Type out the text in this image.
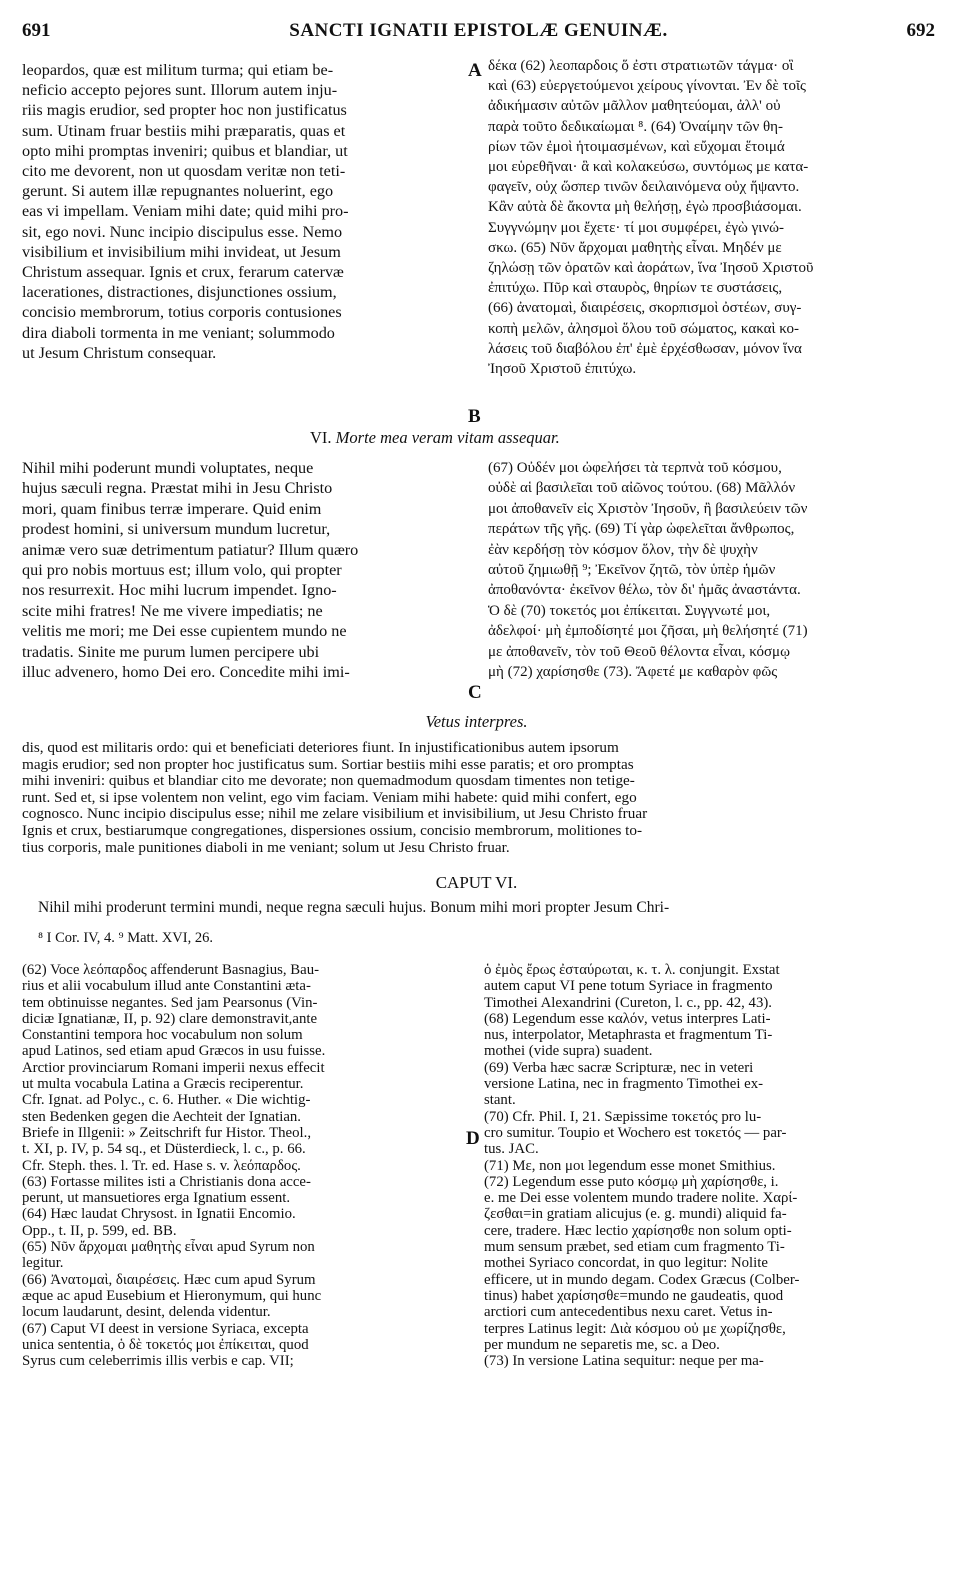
691	SANCTI IGNATII EPISTOLÆ GENUINÆ.	692
leopardos, quæ est militum turma; qui etiam be-
neficio accepto pejores sunt. Illorum autem inju-
riis magis erudior, sed propter hoc non justificatus
sum. Utinam fruar bestiis mihi præparatis, quas et
opto mihi promptas inveniri; quibus et blandiar, ut
cito me devorent, non ut quosdam veritæ non teti-
gerunt. Si autem illæ repugnantes noluerint, ego
eas vi impellam. Veniam mihi date; quid mihi pro-
sit, ego novi. Nunc incipio discipulus esse. Nemo
visibilium et invisibilium mihi invideat, ut Jesum
Christum assequar. Ignis et crux, ferarum catervæ
lacerationes, distractiones, disjunctiones ossium,
concisio membrorum, totius corporis contusiones
dira diaboli tormenta in me veniant; solummodo
ut Jesum Christum consequar.
A δέκα (62) λεοπαρδοις ὅ ἐστι στρατιωτῶν τάγμα· οἳ
καὶ (63) εὐεργετούμενοι χείρους γίνονται. Ἐν δὲ τοῖς
ἀδικήμασιν αὐτῶν μᾶλλον μαθητεύομαι, ἀλλ' οὐ
παρὰ τοῦτο δεδικαίωμαι ⁸. (64) Ὀναίμην τῶν θη-
ρίων τῶν ἐμοὶ ἡτοιμασμένων, καὶ εὔχομαι ἕτοιμά
μοι εὑρεθῆναι· ἃ καὶ κολακεύσω, συντόμως με κατα-
φαγεῖν, οὐχ ὥσπερ τινῶν δειλαινόμενα οὐχ ἥψαντο.
Κἂν αὐτὰ δὲ ἄκοντα μὴ θελήσῃ, ἐγὼ προσβιάσομαι.
Συγγνώμην μοι ἔχετε· τί μοι συμφέρει, ἐγὼ γινώ-
σκω. (65) Νῦν ἄρχομαι μαθητὴς εἶναι. Μηδέν με
ζηλώσῃ τῶν ὁρατῶν καὶ ἀοράτων, ἵνα Ἰησοῦ Χριστοῦ
ἐπιτύχω. Πῦρ καὶ σταυρὸς, θηρίων τε συστάσεις,
(66) ἀνατομαὶ, διαιρέσεις, σκορπισμοὶ ὀστέων, συγ-
κοπὴ μελῶν, ἀλησμοὶ ὅλου τοῦ σώματος, κακαὶ κο-
λάσεις τοῦ διαβόλου ἐπ' ἐμὲ ἐρχέσθωσαν, μόνον ἵνα
Ἰησοῦ Χριστοῦ ἐπιτύχω.
B
VI. Morte mea veram vitam assequar.
Nihil mihi poderunt mundi voluptates, neque
hujus sæculi regna. Præstat mihi in Jesu Christo
mori, quam finibus terræ imperare. Quid enim
prodest homini, si universum mundum lucretur,
animæ vero suæ detrimentum patiatur? Illum quæro
qui pro nobis mortuus est; illum volo, qui propter
nos resurrexit. Hoc mihi lucrum impendet. Igno-
scite mihi fratres! Ne me vivere impediatis; ne
velitis me mori; me Dei esse cupientem mundo ne
tradatis. Sinite me purum lumen percipere ubi
illuc advenero, homo Dei ero. Concedite mihi imi-
C
(67) Οὐδέν μοι ὠφελήσει τὰ τερπνὰ τοῦ κόσμου,
οὐδὲ αἱ βασιλεῖαι τοῦ αἰῶνος τούτου. (68) Μᾶλλόν
μοι ἀποθανεῖν εἰς Χριστὸν Ἰησοῦν, ἢ βασιλεύειν τῶν
περάτων τῆς γῆς. (69) Τί γὰρ ὠφελεῖται ἄνθρωπος,
ἐὰν κερδήσῃ τὸν κόσμον ὅλον, τὴν δὲ ψυχὴν
αὐτοῦ ζημιωθῇ ⁹; Ἐκεῖνον ζητῶ, τὸν ὑπὲρ ἡμῶν
ἀποθανόντα· ἐκεῖνον θέλω, τὸν δι' ἡμᾶς ἀναστάντα.
Ὁ δὲ (70) τοκετός μοι ἐπίκειται. Συγγνωτέ μοι,
ἀδελφοί· μὴ ἐμποδίσητέ μοι ζῆσαι, μὴ θελήσητέ (71)
με ἀποθανεῖν, τὸν τοῦ Θεοῦ θέλοντα εἶναι, κόσμῳ
μὴ (72) χαρίσησθε (73). Ἄφετέ με καθαρὸν φῶς
Vetus interpres.
dis, quod est militaris ordo: qui et beneficiati deteriores fiunt. In injustificationibus autem ipsorum
magis erudior; sed non propter hoc justificatus sum. Sortiar bestiis mihi esse paratis; et oro promptas
mihi inveniri: quibus et blandiar cito me devorate; non quemadmodum quosdam timentes non tetige-
runt. Sed et, si ipse volentem non velint, ego vim faciam. Veniam mihi habete: quid mihi confert, ego
cognosco. Nunc incipio discipulus esse; nihil me zelare visibilium et invisibilium, ut Jesu Christo fruar
Ignis et crux, bestiarumque congregationes, dispersiones ossium, concisio membrorum, molitiones to-
tius corporis, male punitiones diaboli in me veniant; solum ut Jesu Christo fruar.
CAPUT VI.
Nihil mihi proderunt termini mundi, neque regna sæculi hujus. Bonum mihi mori propter Jesum Chri-
⁸ I Cor. IV, 4. ⁹ Matt. XVI, 26.
(62) Voce λεόπαρδος affenderunt Basnagius, Bau-
rius et alii vocabulum illud ante Constantini æta-
tem obtinuisse negantes. Sed jam Pearsonus (Vin-
diciæ Ignatianæ, II, p. 92) clare demonstravit,ante
Constantini tempora hoc vocabulum non solum
apud Latinos, sed etiam apud Græcos in usu fuisse.
Arctior provinciarum Romani imperii nexus effecit
ut multa vocabula Latina a Græcis reciperentur.
Cfr. Ignat. ad Polyc., c. 6. Huther. « Die wichtig-
sten Bedenken gegen die Aechteit der Ignatian.
Briefe in Illgenii: » Zeitschrift fur Histor. Theol.,
t. XI, p. IV, p. 54 sq., et Düsterdieck, l. c., p. 66.
Cfr. Steph. thes. l. Tr. ed. Hase s. v. λεόπαρδος.
(63) Fortasse milites isti a Christianis dona acce-
perunt, ut mansuetiores erga Ignatium essent.
(64) Hæc laudat Chrysost. in Ignatii Encomio.
Opp., t. II, p. 599, ed. BB.
(65) Νῦν ἄρχομαι μαθητὴς εἶναι apud Syrum non
legitur.
(66) Ἀνατομαὶ, διαιρέσεις. Hæc cum apud Syrum
æque ac apud Eusebium et Hieronymum, qui hunc
locum laudarunt, desint, delenda videntur.
(67) Caput VI deest in versione Syriaca, excepta
unica sententia, ὁ δὲ τοκετός μοι ἐπίκειται, quod
Syrus cum celeberrimis illis verbis e cap. VII;
D
ὁ ἐμὸς ἔρως ἐσταύρωται, κ. τ. λ. conjungit. Exstat
autem caput VI pene totum Syriace in fragmento
Timothei Alexandrini (Cureton, l. c., pp. 42, 43).
(68) Legendum esse καλόν, vetus interpres Lati-
nus, interpolator, Metaphrasta et fragmentum Ti-
mothei (vide supra) suadent.
(69) Verba hæc sacræ Scripturæ, nec in veteri
versione Latina, nec in fragmento Timothei ex-
stant.
(70) Cfr. Phil. I, 21. Sæpissime τοκετός pro lu-
cro sumitur. Toupio et Wochero est τοκετός — par-
tus. JAC.
(71) Με, non μοι legendum esse monet Smithius.
(72) Legendum esse puto κόσμῳ μὴ χαρίσησθε, i.
e. me Dei esse volentem mundo tradere nolite. Χαρί-
ζεσθαι=in gratiam alicujus (e. g. mundi) aliquid fa-
cere, tradere. Hæc lectio χαρίσησθε non solum opti-
mum sensum præbet, sed etiam cum fragmento Ti-
mothei Syriaco concordat, in quo legitur: Nolite
efficere, ut in mundo degam. Codex Græcus (Colber-
tinus) habet χαρίσησθε=mundo ne gaudeatis, quod
arctiori cum antecedentibus nexu caret. Vetus in-
terpres Latinus legit: Διὰ κόσμου οὐ με χωρίζησθε,
per mundum ne separetis me, sc. a Deo.
(73) In versione Latina sequitur: neque per ma-
